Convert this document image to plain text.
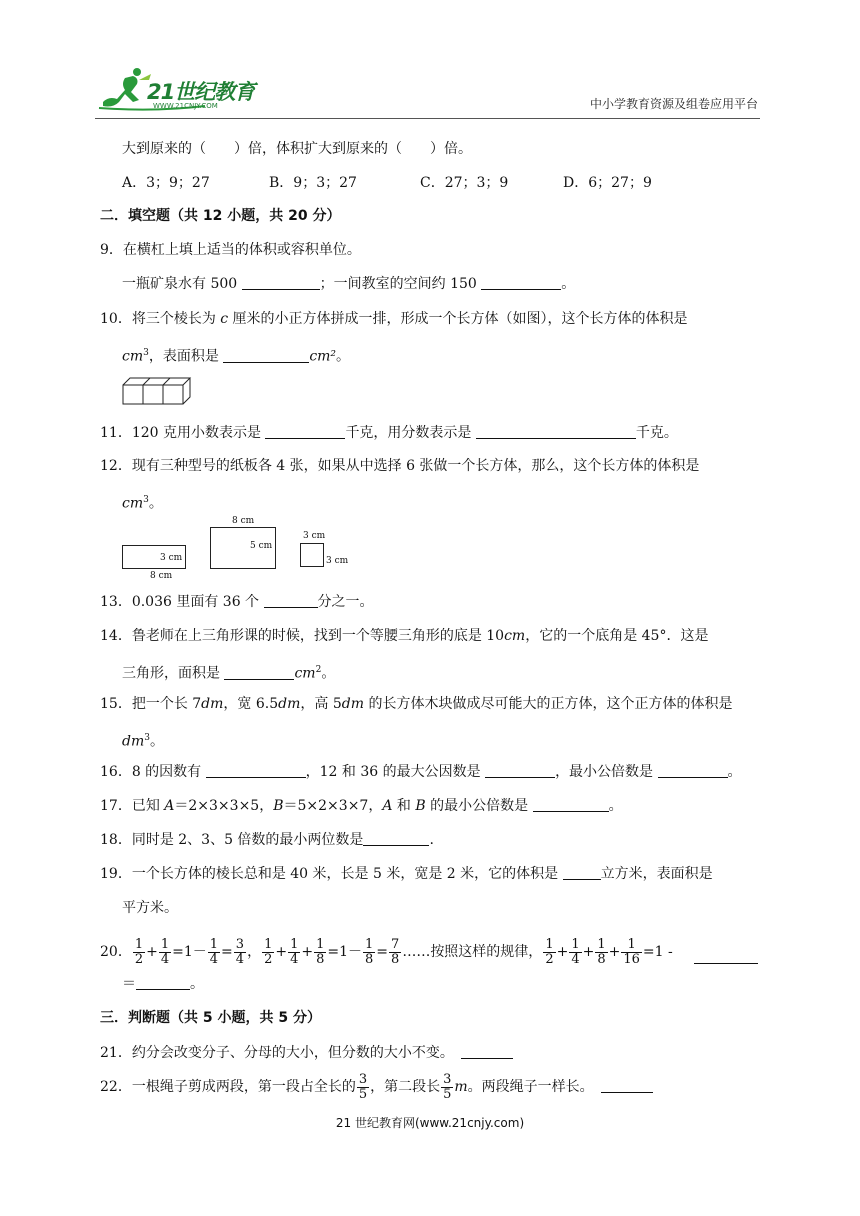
21世纪教育
WWW.21CNJY.COM	中小学教育资源及组卷应用平台
大到原来的（　　）倍，体积扩大到原来的（　　）倍。
A．3；9；27	B．9；3；27	C．27；3；9	D．6；27；9
二．填空题（共 12 小题，共 20 分）
9．在横杠上填上适当的体积或容积单位。
一瓶矿泉水有 500	；一间教室的空间约 150	。
10．将三个棱长为 c 厘米的小正方体拼成一排，形成一个长方体（如图），这个长方体的体积是
$cm^3$，表面积是	cm²。
11．120 克用小数表示是	千克，用分数表示是	千克。
12．现有三种型号的纸板各 4 张，如果从中选择 6 张做一个长方体，那么，这个长方体的体积是
$cm^3$。
3 cm
8 cm
8 cm
5 cm
3 cm
3 cm
13．0.036 里面有 36 个	分之一。
14．鲁老师在上三角形课的时候，找到一个等腰三角形的底是 10cm，它的一个底角是 45°．这是
三角形，面积是	$cm^2$。
15．把一个长 7dm，宽 6.5dm，高 5dm 的长方体木块做成尽可能大的正方体，这个正方体的体积是
$dm^3$。
16．8 的因数有	，12 和 36 的最大公因数是	，最小公倍数是	。
17．已知 A＝2×3×3×5，B＝5×2×3×7，A 和 B 的最小公倍数是	。
18．同时是 2、3、5 倍数的最小两位数是	.
19．一个长方体的棱长总和是 40 米，长是 5 米，宽是 2 米，它的体积是	立方米，表面积是
平方米。
20． $\frac{1}{2} + \frac{1}{4} =1- \frac{1}{4} = \frac{3}{4}$ ， $\frac{1}{2} + \frac{1}{4} + \frac{1}{8} =1- \frac{1}{8} = \frac{7}{8}$ ……按照这样的规律， $\frac{1}{2} + \frac{1}{4} + \frac{1}{8} + \frac{1}{16} =1$ -
＝	。
三．判断题（共 5 小题，共 5 分）
21．约分会改变分子、分母的大小，但分数的大小不变。　
22．一根绳子剪成两段，第一段占全长的 $\frac{3}{5}$ ，第二段长 $\frac{3}{5}$ m。两段绳子一样长。　
21 世纪教育网(www.21cnjy.com)
